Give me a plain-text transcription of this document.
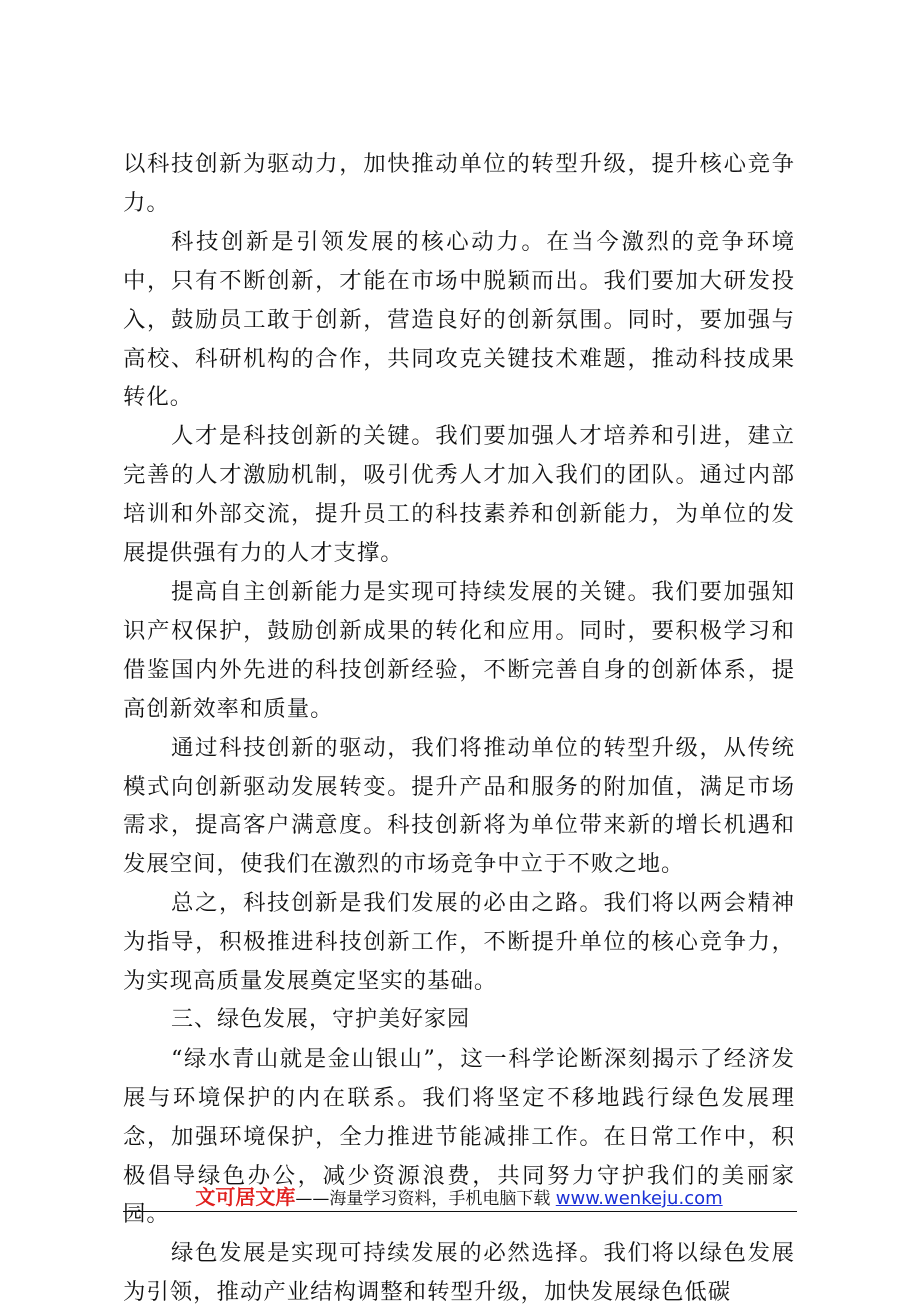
以科技创新为驱动力，加快推动单位的转型升级，提升核心竞争力。

科技创新是引领发展的核心动力。在当今激烈的竞争环境中，只有不断创新，才能在市场中脱颖而出。我们要加大研发投入，鼓励员工敢于创新，营造良好的创新氛围。同时，要加强与高校、科研机构的合作，共同攻克关键技术难题，推动科技成果转化。

人才是科技创新的关键。我们要加强人才培养和引进，建立完善的人才激励机制，吸引优秀人才加入我们的团队。通过内部培训和外部交流，提升员工的科技素养和创新能力，为单位的发展提供强有力的人才支撑。

提高自主创新能力是实现可持续发展的关键。我们要加强知识产权保护，鼓励创新成果的转化和应用。同时，要积极学习和借鉴国内外先进的科技创新经验，不断完善自身的创新体系，提高创新效率和质量。

通过科技创新的驱动，我们将推动单位的转型升级，从传统模式向创新驱动发展转变。提升产品和服务的附加值，满足市场需求，提高客户满意度。科技创新将为单位带来新的增长机遇和发展空间，使我们在激烈的市场竞争中立于不败之地。

总之，科技创新是我们发展的必由之路。我们将以两会精神为指导，积极推进科技创新工作，不断提升单位的核心竞争力，为实现高质量发展奠定坚实的基础。

三、绿色发展，守护美好家园

“绿水青山就是金山银山”，这一科学论断深刻揭示了经济发展与环境保护的内在联系。我们将坚定不移地践行绿色发展理念，加强环境保护，全力推进节能减排工作。在日常工作中，积极倡导绿色办公，减少资源浪费，共同努力守护我们的美丽家园。

绿色发展是实现可持续发展的必然选择。我们将以绿色发展为引领，推动产业结构调整和转型升级，加快发展绿色低碳

文可居文库——海量学习资料，手机电脑下载 www.wenkeju.com
